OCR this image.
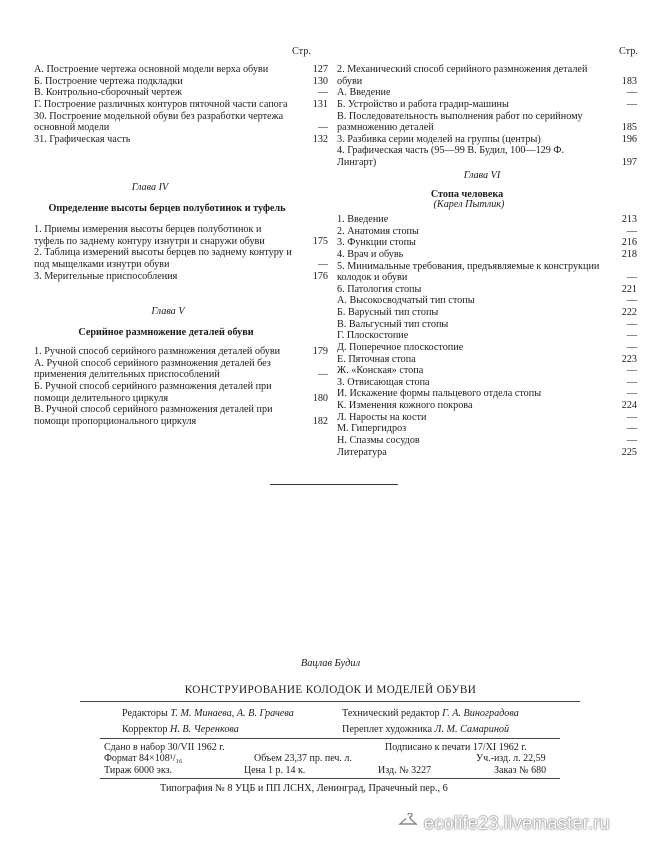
Стр.
А. Построение чертежа основной модели верха обуви	127
Б. Построение чертежа подкладки	130
В. Контрольно-сборочный чертеж	—
Г. Построение различных контуров пяточной части сапога	131
30. Построение модельной обуви без разработки чертежа основной модели	—
31. Графическая часть	132
Глава IV
Определение высоты берцев полуботинок и туфель
1. Приемы измерения высоты берцев полуботинок и туфель по заднему контуру изнутри и снаружи обуви	175
2. Таблица измерений высоты берцев по заднему контуру и под мыщелками изнутри обуви	—
3. Мерительные приспособления	176
Глава V
Серийное размножение деталей обуви
1. Ручной способ серийного размножения деталей обуви	179
А. Ручной способ серийного размножения деталей без применения делительных приспособлений	—
Б. Ручной способ серийного размножения деталей при помощи делительного циркуля	180
В. Ручной способ серийного размножения деталей при помощи пропорционального циркуля	182
Стр.
2. Механический способ серийного размножения деталей обуви	183
А. Введение	—
Б. Устройство и работа градир-машины	—
В. Последовательность выполнения работ по серийному размножению деталей	185
3. Разбивка серии моделей на группы (центры)	196
4. Графическая часть (95—99 В. Будил, 100—129 Ф. Лингарт)	197
Глава VI
Стопа человека
(Карел Пытлик)
1. Введение	213
2. Анатомия стопы	—
3. Функции стопы	216
4. Врач и обувь	218
5. Минимальные требования, предъявляемые к конструкции колодок и обуви	—
6. Патология стопы	221
А. Высокосводчатый тип стопы	—
Б. Варусный тип стопы	222
В. Вальгусный тип стопы	—
Г. Плоскостопие	—
Д. Поперечное плоскостопие	—
Е. Пяточная стопа	223
Ж. «Конская» стопа	—
З. Отвисающая стопа	—
И. Искажение формы пальцевого отдела стопы	—
К. Изменения кожного покрова	224
Л. Наросты на кости	—
М. Гипергидроз	—
Н. Спазмы сосудов	—
Литература	225
Вацлав Будил
КОНСТРУИРОВАНИЕ КОЛОДОК И МОДЕЛЕЙ ОБУВИ
Редакторы Т. М. Минаева, А. В. Грачева	Технический редактор Г. А. Виноградова
Корректор Н. В. Черенкова	Переплет художника Л. М. Самариной
Сдано в набор 30/VII 1962 г.	Подписано к печати 17/XI 1962 г.
Формат 84×108¹/₁₆	Объем 23,37 пр. печ. л.	Уч.-изд. л. 22,59
Тираж 6000 экз.	Цена 1 р. 14 к.	Изд. № 3227	Заказ № 680
Типография № 8 УЦБ и ПП ЛСНХ, Ленинград, Прачечный пер., 6
ecolife23.livemaster.ru
